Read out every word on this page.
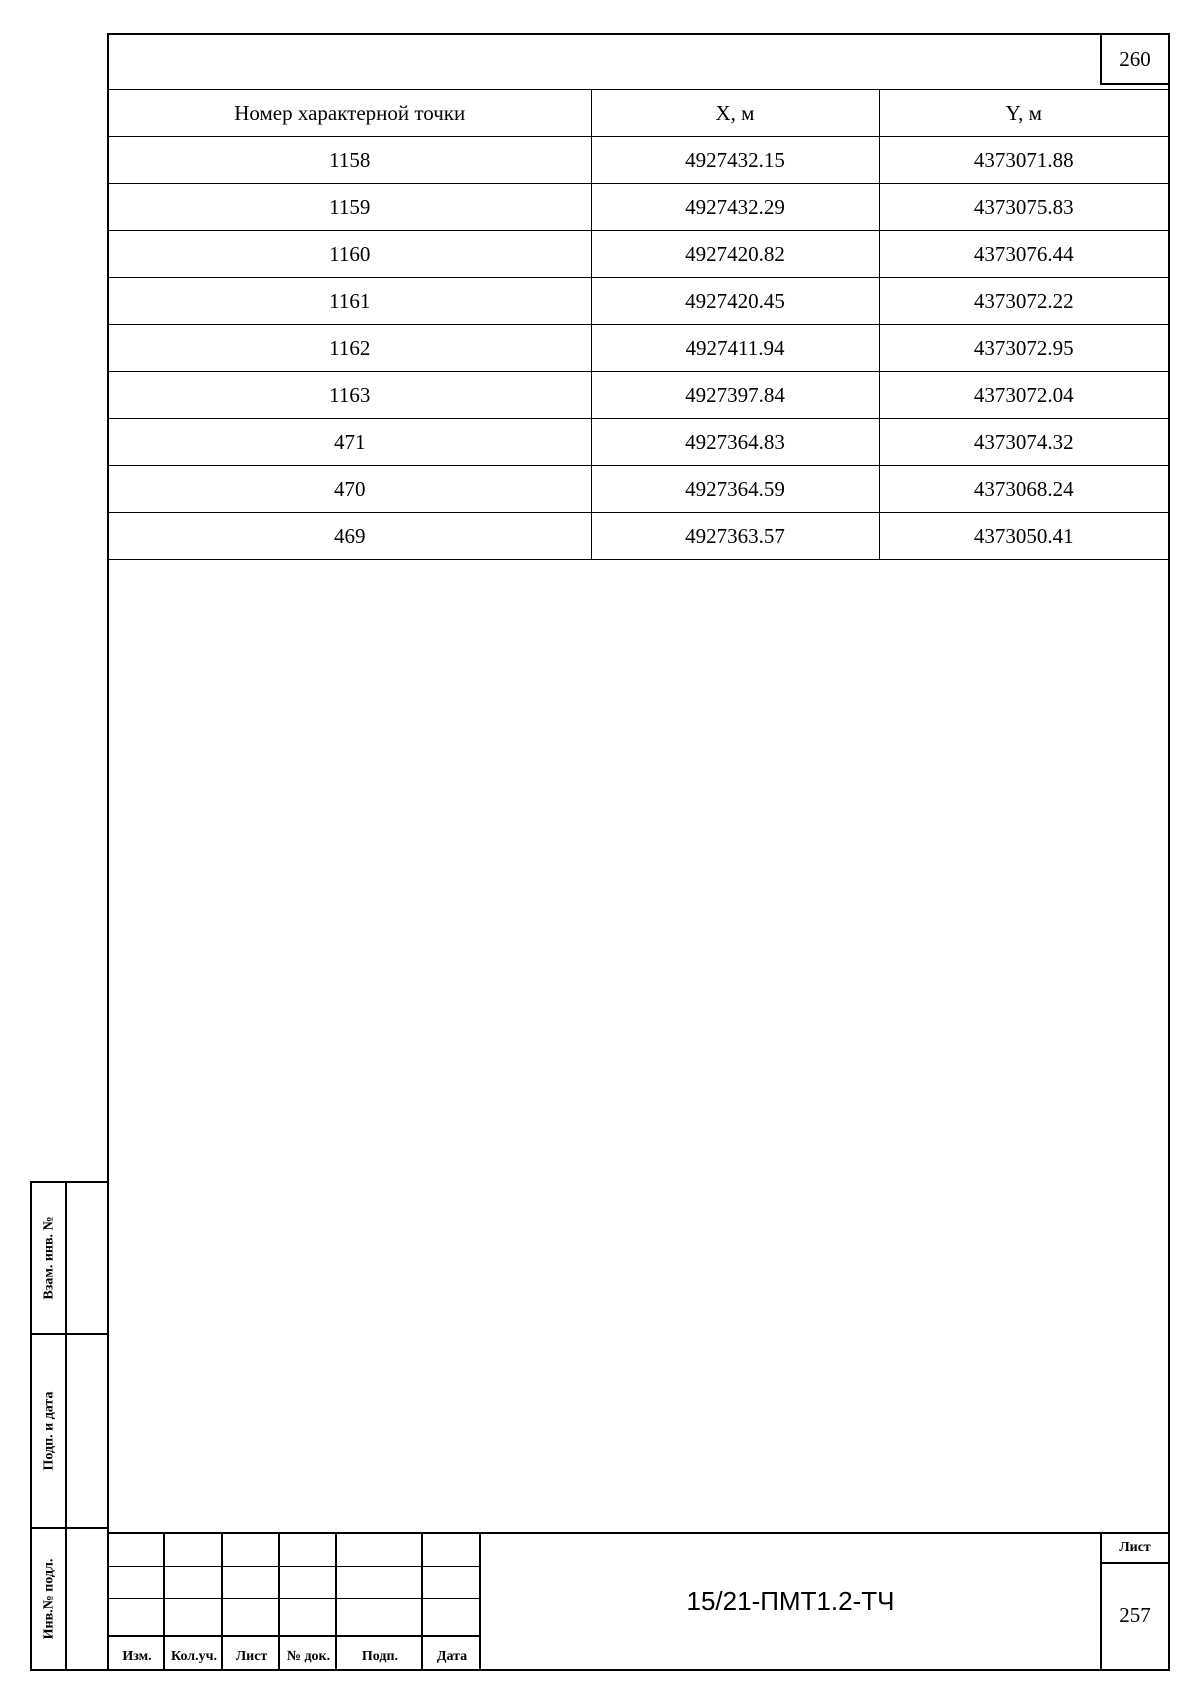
260
Номер характерной точки	X, м	Y, м
1158	4927432.15	4373071.88
1159	4927432.29	4373075.83
1160	4927420.82	4373076.44
1161	4927420.45	4373072.22
1162	4927411.94	4373072.95
1163	4927397.84	4373072.04
471	4927364.83	4373074.32
470	4927364.59	4373068.24
469	4927363.57	4373050.41
Изм.	Кол.уч.	Лист	№ док.	Подп.	Дата
15/21-ПМТ1.2-ТЧ
Лист
257
Взам. инв. №
Подп. и дата
Инв.№ подл.
